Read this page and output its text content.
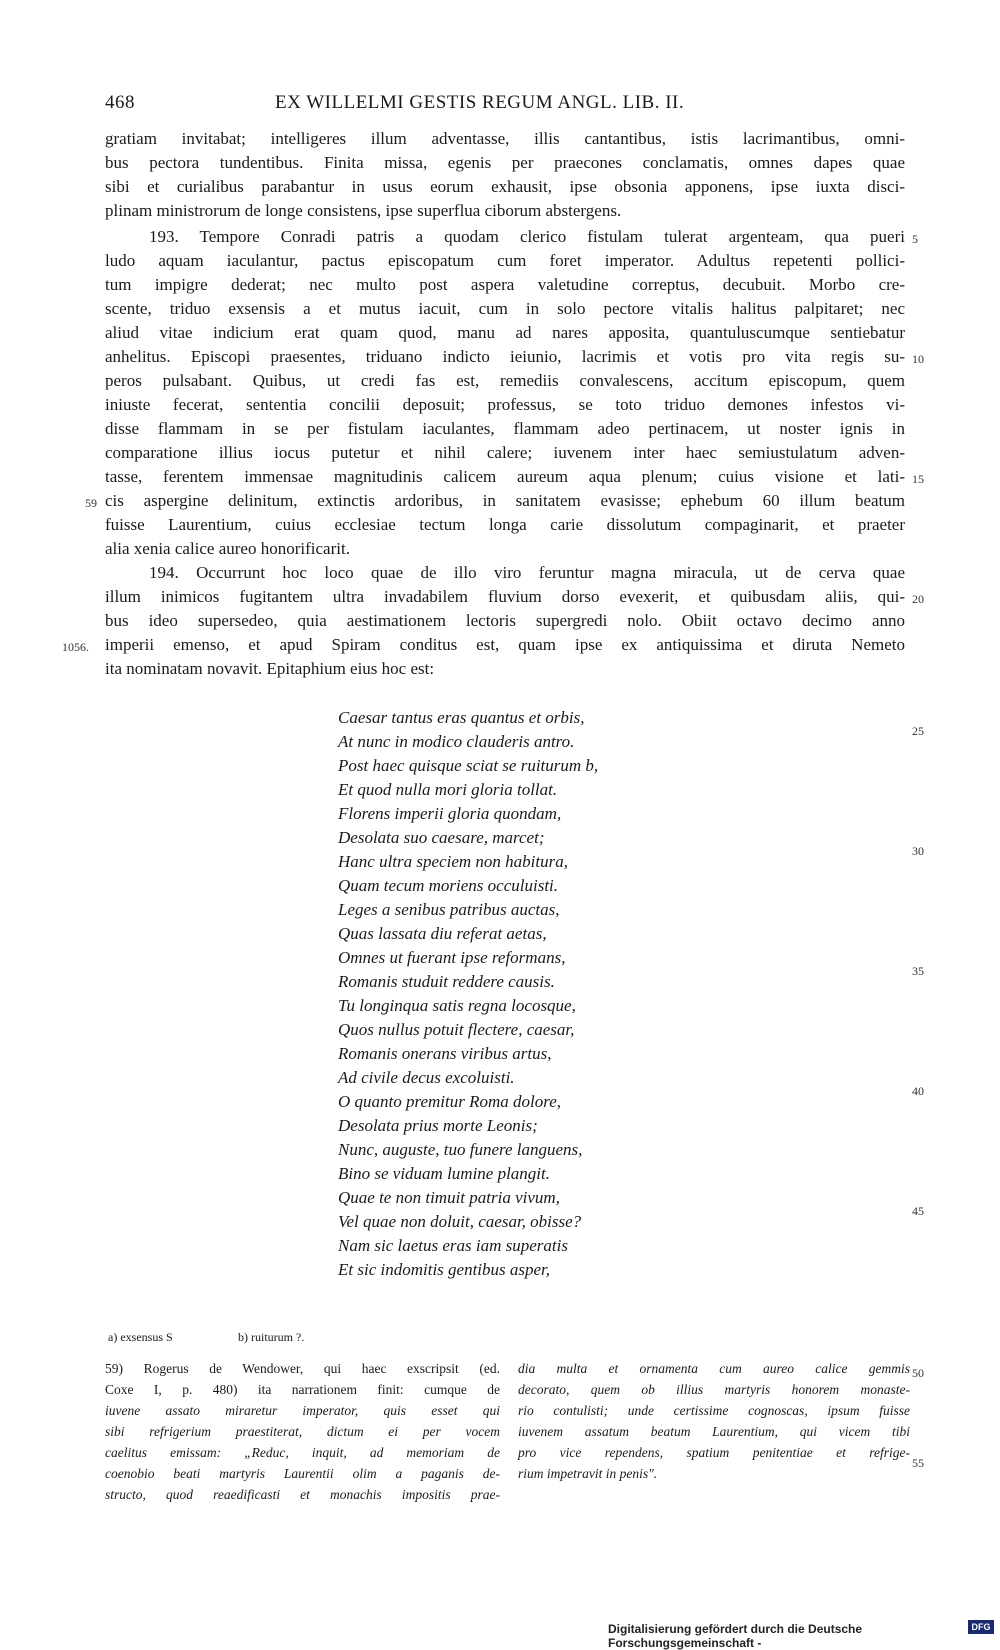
468	EX WILLELMI GESTIS REGUM ANGL. LIB. II.
gratiam invitabat; intelligeres illum adventasse, illis cantantibus, istis lacrimantibus, omni-
bus pectora tundentibus. Finita missa, egenis per praecones conclamatis, omnes dapes quae
sibi et curialibus parabantur in usus eorum exhausit, ipse obsonia apponens, ipse iuxta disci-
plinam ministrorum de longe consistens, ipse superflua ciborum abstergens.
193. Tempore Conradi patris a quodam clerico fistulam tulerat argenteam, qua pueri
ludo aquam iaculantur, pactus episcopatum cum foret imperator. Adultus repetenti pollici-
tum impigre dederat; nec multo post aspera valetudine correptus, decubuit. Morbo cre-
scente, triduo exsensis a et mutus iacuit, cum in solo pectore vitalis halitus palpitaret; nec
aliud vitae indicium erat quam quod, manu ad nares apposita, quantuluscumque sentiebatur
anhelitus. Episcopi praesentes, triduano indicto ieiunio, lacrimis et votis pro vita regis su-
peros pulsabant. Quibus, ut credi fas est, remediis convalescens, accitum episcopum, quem
iniuste fecerat, sententia concilii deposuit; professus, se toto triduo demones infestos vi-
disse flammam in se per fistulam iaculantes, flammam adeo pertinacem, ut noster ignis in
comparatione illius iocus putetur et nihil calere; iuvenem inter haec semiustulatum adven-
tasse, ferentem immensae magnitudinis calicem aureum aqua plenum; cuius visione et lati-
cis aspergine delinitum, extinctis ardoribus, in sanitatem evasisse; ephebum 60 illum beatum
fuisse Laurentium, cuius ecclesiae tectum longa carie dissolutum compaginarit, et praeter
alia xenia calice aureo honorificarit.
194. Occurrunt hoc loco quae de illo viro feruntur magna miracula, ut de cerva quae
illum inimicos fugitantem ultra invadabilem fluvium dorso evexerit, et quibusdam aliis, qui-
bus ideo supersedeo, quia aestimationem lectoris supergredi nolo. Obiit octavo decimo anno
imperii emenso, et apud Spiram conditus est, quam ipse ex antiquissima et diruta Nemeto
ita nominatam novavit. Epitaphium eius hoc est:
5
10
15
59
20
1056.
25
30
35
40
45
50
55
Caesar tantus eras quantus et orbis,
At nunc in modico clauderis antro.
Post haec quisque sciat se ruiturum b,
Et quod nulla mori gloria tollat.
Florens imperii gloria quondam,
Desolata suo caesare, marcet;
Hanc ultra speciem non habitura,
Quam tecum moriens occuluisti.
Leges a senibus patribus auctas,
Quas lassata diu referat aetas,
Omnes ut fuerant ipse reformans,
Romanis studuit reddere causis.
Tu longinqua satis regna locosque,
Quos nullus potuit flectere, caesar,
Romanis onerans viribus artus,
Ad civile decus excoluisti.
O quanto premitur Roma dolore,
Desolata prius morte Leonis;
Nunc, auguste, tuo funere languens,
Bino se viduam lumine plangit.
Quae te non timuit patria vivum,
Vel quae non doluit, caesar, obisse?
Nam sic laetus eras iam superatis
Et sic indomitis gentibus asper,
a) exsensus S	b) ruiturum ?.
59) Rogerus de Wendower, qui haec exscripsit (ed.
Coxe I, p. 480) ita narrationem finit: cumque de
iuvene assato miraretur imperator, quis esset qui
sibi refrigerium praestiterat, dictum ei per vocem
caelitus emissam: „Reduc, inquit, ad memoriam de
coenobio beati martyris Laurentii olim a paganis de-
structo, quod reaedificasti et monachis impositis prae-
dia multa et ornamenta cum aureo calice gemmis
decorato, quem ob illius martyris honorem monaste-
rio contulisti; unde certissime cognoscas, ipsum fuisse
iuvenem assatum beatum Laurentium, qui vicem tibi
pro vice rependens, spatium penitentiae et refrige-
rium impetravit in penis".
Digitalisierung gefördert durch die Deutsche Forschungsgemeinschaft -
DFG
